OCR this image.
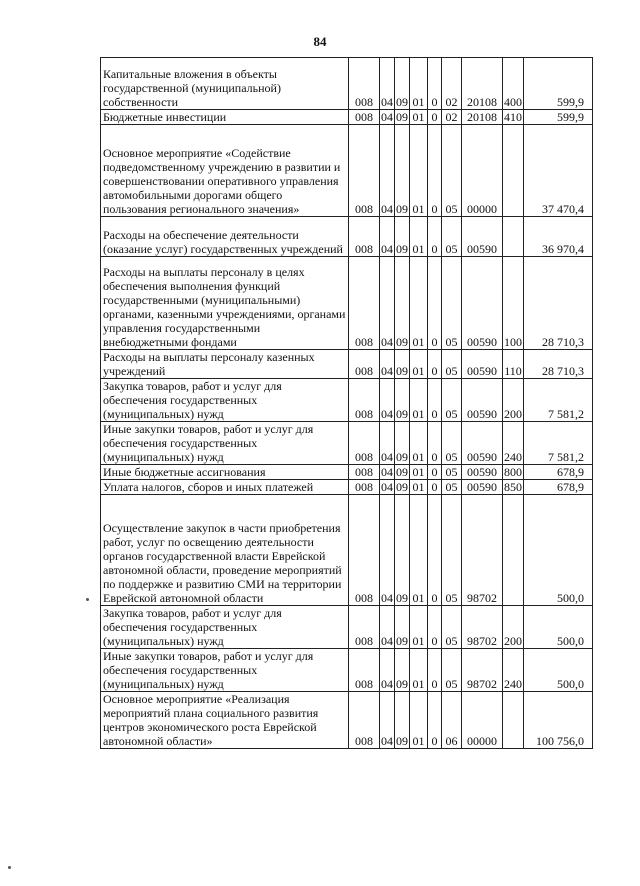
84
Капитальные вложения в объекты государственной (муниципальной) собственности	008	04	09	01	0	02	20108	400	599,9
Бюджетные инвестиции	008	04	09	01	0	02	20108	410	599,9
Основное мероприятие «Содействие подведомственному учреждению в развитии и совершенствовании оперативного управления автомобильными дорогами общего пользования регионального значения»	008	04	09	01	0	05	00000		37 470,4
Расходы на обеспечение деятельности (оказание услуг) государственных учреждений	008	04	09	01	0	05	00590		36 970,4
Расходы на выплаты персоналу в целях обеспечения выполнения функций государственными (муниципальными) органами, казенными учреждениями, органами управления государственными внебюджетными фондами	008	04	09	01	0	05	00590	100	28 710,3
Расходы на выплаты персоналу казенных учреждений	008	04	09	01	0	05	00590	110	28 710,3
Закупка товаров, работ и услуг для обеспечения государственных (муниципальных) нужд	008	04	09	01	0	05	00590	200	7 581,2
Иные закупки товаров, работ и услуг для обеспечения государственных (муниципальных) нужд	008	04	09	01	0	05	00590	240	7 581,2
Иные бюджетные ассигнования	008	04	09	01	0	05	00590	800	678,9
Уплата налогов, сборов и иных платежей	008	04	09	01	0	05	00590	850	678,9
Осуществление закупок в части приобретения работ, услуг по освещению деятельности органов государственной власти Еврейской автономной области, проведение мероприятий по поддержке и развитию СМИ на территории Еврейской автономной области	008	04	09	01	0	05	98702		500,0
Закупка товаров, работ и услуг для обеспечения государственных (муниципальных) нужд	008	04	09	01	0	05	98702	200	500,0
Иные закупки товаров, работ и услуг для обеспечения государственных (муниципальных) нужд	008	04	09	01	0	05	98702	240	500,0
Основное мероприятие «Реализация мероприятий плана социального развития центров экономического роста Еврейской автономной области»	008	04	09	01	0	06	00000		100 756,0
